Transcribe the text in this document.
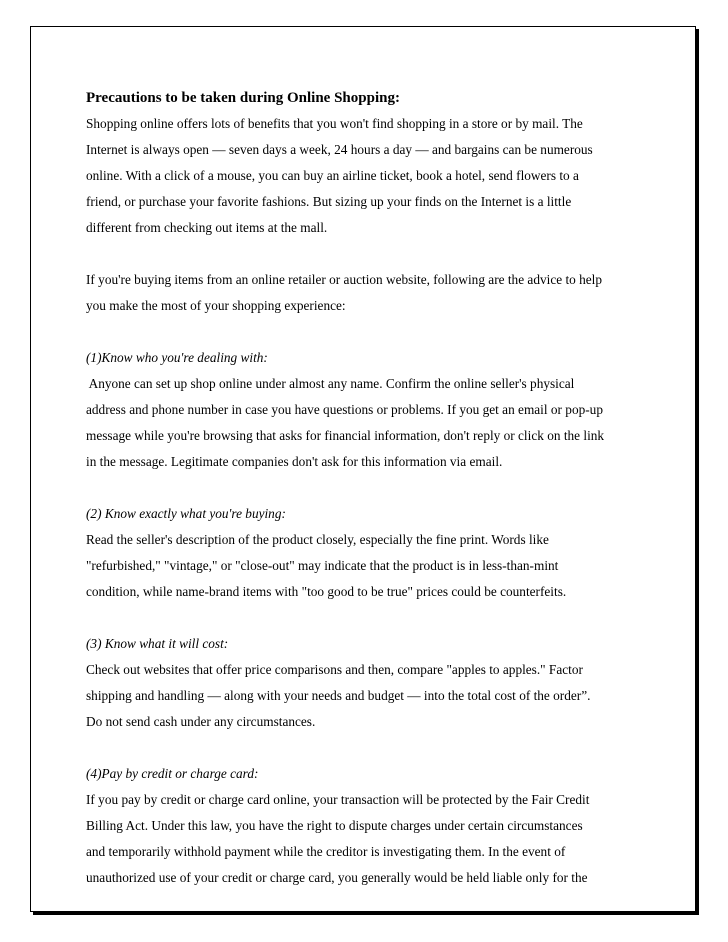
Precautions to be taken during Online Shopping:
Shopping online offers lots of benefits that you won't find shopping in a store or by mail. The
Internet is always open — seven days a week, 24 hours a day — and bargains can be numerous
online. With a click of a mouse, you can buy an airline ticket, book a hotel, send flowers to a
friend, or purchase your favorite fashions. But sizing up your finds on the Internet is a little
different from checking out items at the mall.
If you're buying items from an online retailer or auction website, following are the advice to help
you make the most of your shopping experience:
(1)Know who you're dealing with:
Anyone can set up shop online under almost any name. Confirm the online seller's physical
address and phone number in case you have questions or problems. If you get an email or pop-up
message while you're browsing that asks for financial information, don't reply or click on the link
in the message. Legitimate companies don't ask for this information via email.
(2) Know exactly what you're buying:
Read the seller's description of the product closely, especially the fine print. Words like
"refurbished," "vintage," or "close-out" may indicate that the product is in less-than-mint
condition, while name-brand items with "too good to be true" prices could be counterfeits.
(3) Know what it will cost:
Check out websites that offer price comparisons and then, compare "apples to apples." Factor
shipping and handling — along with your needs and budget — into the total cost of the order”.
Do not send cash under any circumstances.
(4)Pay by credit or charge card:
If you pay by credit or charge card online, your transaction will be protected by the Fair Credit
Billing Act. Under this law, you have the right to dispute charges under certain circumstances
and temporarily withhold payment while the creditor is investigating them. In the event of
unauthorized use of your credit or charge card, you generally would be held liable only for the
